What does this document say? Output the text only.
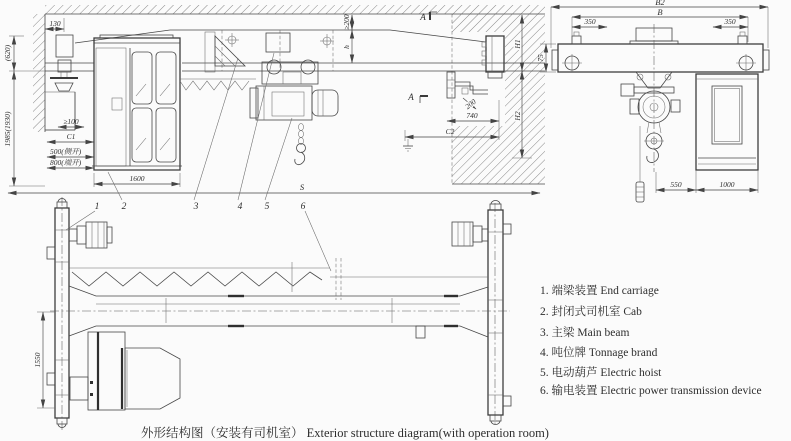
A
A
130
(620)
1985(1930)	≥100
C1
500(侧开)
800(端开)
1600
S
≥200
h	H1
H2
200
740
C2
B2
B
350	350
75
550	1000
1550
1 2	3	4 5	6
1. 端梁装置 End carriage
2. 封闭式司机室 Cab
3. 主梁 Main beam
4. 吨位牌 Tonnage brand
5. 电动葫芦 Electric hoist
6. 输电装置 Electric power transmission device
外形结构图（安装有司机室） Exterior structure diagram(with operation room)
